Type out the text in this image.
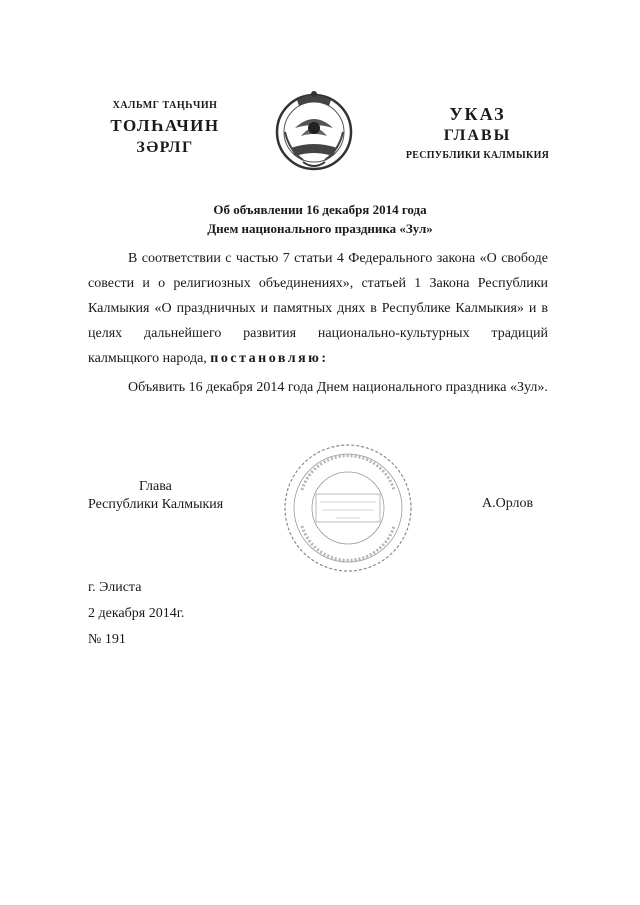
ХАЛЬМГ ТАҢҺЧИН
ТОЛҺАЧИН
ЗӘРЛГ
УКАЗ
ГЛАВЫ
РЕСПУБЛИКИ КАЛМЫКИЯ
Об объявлении 16 декабря 2014 года
Днем национального праздника «Зул»

В соответствии с частью 7 статьи 4 Федерального закона «О свободе совести и о религиозных объединениях», статьей 1 Закона Республики Калмыкия «О праздничных и памятных днях в Республике Калмыкия» и в целях дальнейшего развития национально-культурных традиций калмыцкого народа, постановляю:

Объявить 16 декабря 2014 года Днем национального праздника «Зул».

Глава
Республики Калмыкия	А.Орлов
г. Элиста
2 декабря 2014г.
№ 191
